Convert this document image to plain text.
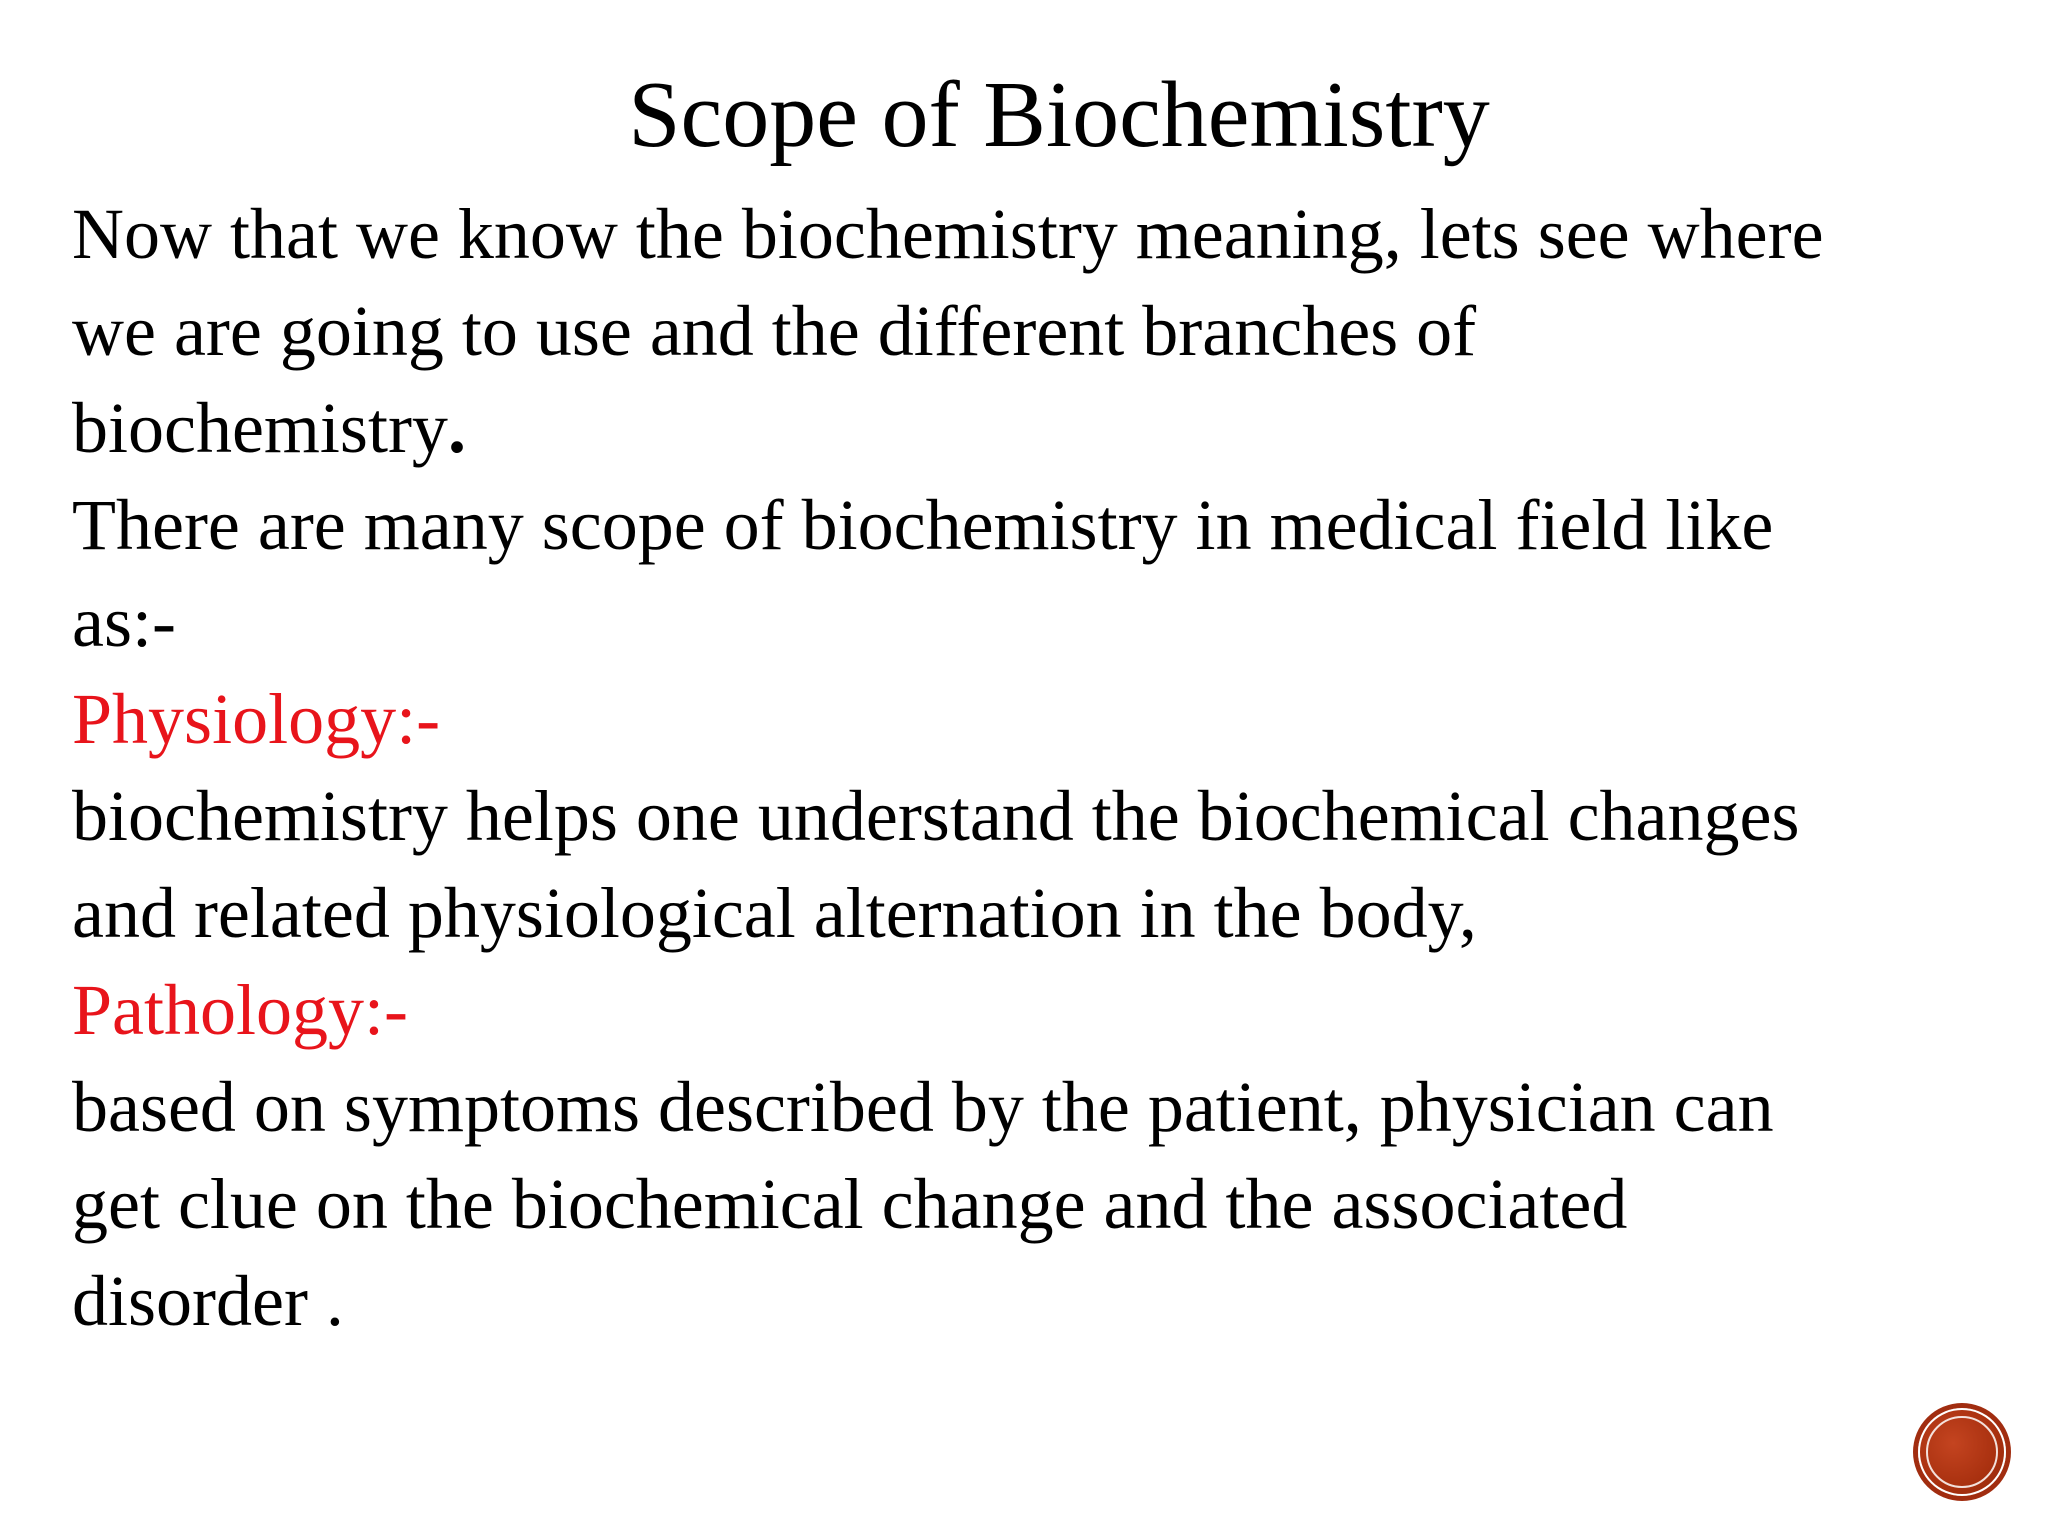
Scope of Biochemistry

Now that we know the biochemistry meaning, lets see where

we are going to use and the different branches of

biochemistry.

There are many scope of biochemistry in medical field like

as:-

Physiology:-

biochemistry helps one understand the biochemical changes

and related physiological alternation in the body,

Pathology:-

based on symptoms described by the patient, physician can

get clue on the biochemical change and the associated

disorder .
